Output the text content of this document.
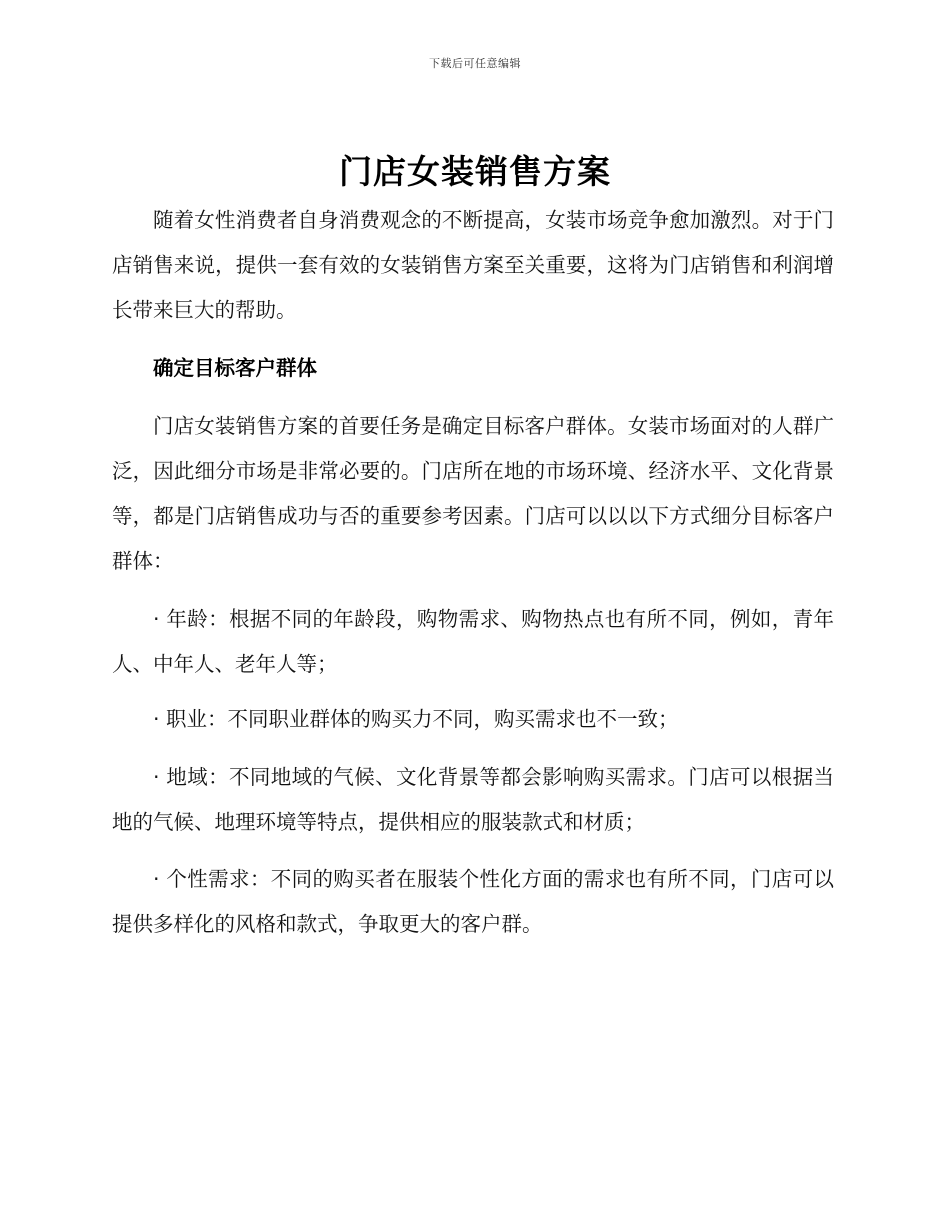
下载后可任意编辑
门店女装销售方案

随着女性消费者自身消费观念的不断提高，女装市场竞争愈加激烈。对于门店销售来说，提供一套有效的女装销售方案至关重要，这将为门店销售和利润增长带来巨大的帮助。

确定目标客户群体

门店女装销售方案的首要任务是确定目标客户群体。女装市场面对的人群广泛，因此细分市场是非常必要的。门店所在地的市场环境、经济水平、文化背景等，都是门店销售成功与否的重要参考因素。门店可以以以下方式细分目标客户群体：

· 年龄：根据不同的年龄段，购物需求、购物热点也有所不同，例如，青年人、中年人、老年人等；

· 职业：不同职业群体的购买力不同，购买需求也不一致；

· 地域：不同地域的气候、文化背景等都会影响购买需求。门店可以根据当地的气候、地理环境等特点，提供相应的服装款式和材质；

· 个性需求：不同的购买者在服装个性化方面的需求也有所不同，门店可以提供多样化的风格和款式，争取更大的客户群。
